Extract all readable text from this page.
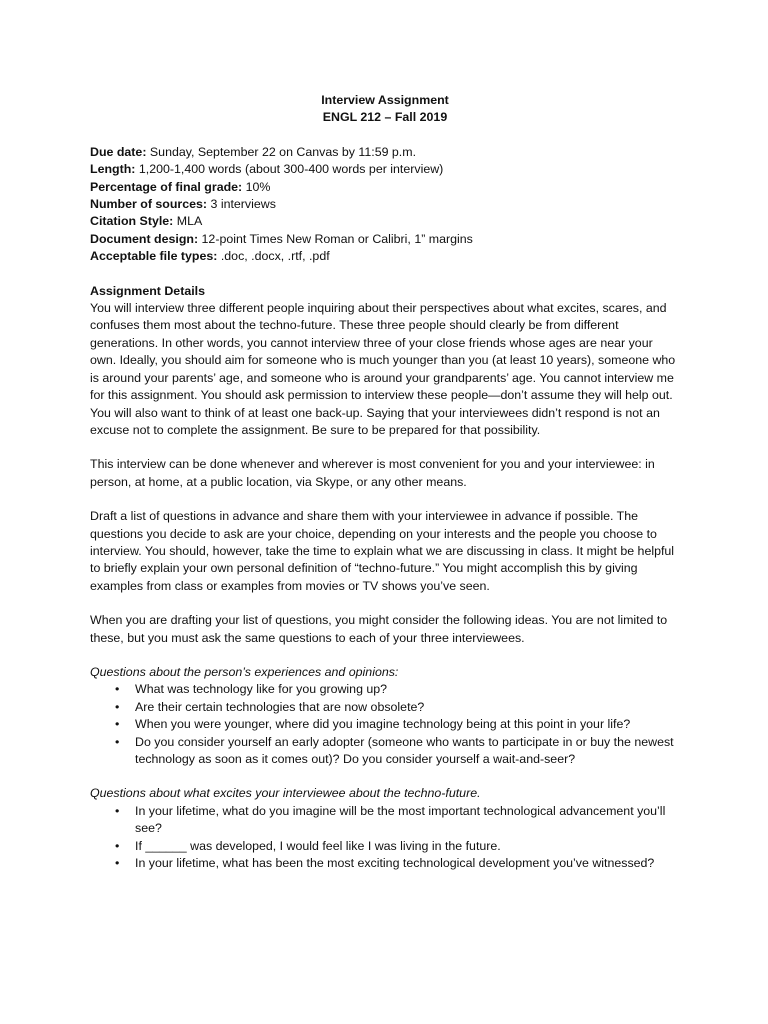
Interview Assignment
ENGL 212 – Fall 2019
Due date: Sunday, September 22 on Canvas by 11:59 p.m.
Length: 1,200-1,400 words (about 300-400 words per interview)
Percentage of final grade: 10%
Number of sources: 3 interviews
Citation Style: MLA
Document design: 12-point Times New Roman or Calibri, 1” margins
Acceptable file types: .doc, .docx, .rtf, .pdf
Assignment Details

You will interview three different people inquiring about their perspectives about what excites, scares, and confuses them most about the techno-future. These three people should clearly be from different generations. In other words, you cannot interview three of your close friends whose ages are near your own. Ideally, you should aim for someone who is much younger than you (at least 10 years), someone who is around your parents’ age, and someone who is around your grandparents’ age. You cannot interview me for this assignment. You should ask permission to interview these people—don’t assume they will help out. You will also want to think of at least one back-up. Saying that your interviewees didn’t respond is not an excuse not to complete the assignment. Be sure to be prepared for that possibility.

This interview can be done whenever and wherever is most convenient for you and your interviewee: in person, at home, at a public location, via Skype, or any other means.

Draft a list of questions in advance and share them with your interviewee in advance if possible. The questions you decide to ask are your choice, depending on your interests and the people you choose to interview. You should, however, take the time to explain what we are discussing in class. It might be helpful to briefly explain your own personal definition of “techno-future.” You might accomplish this by giving examples from class or examples from movies or TV shows you’ve seen.

When you are drafting your list of questions, you might consider the following ideas. You are not limited to these, but you must ask the same questions to each of your three interviewees.

Questions about the person’s experiences and opinions:
• What was technology like for you growing up?
• Are their certain technologies that are now obsolete?
• When you were younger, where did you imagine technology being at this point in your life?
• Do you consider yourself an early adopter (someone who wants to participate in or buy the newest technology as soon as it comes out)? Do you consider yourself a wait-and-seer?
Questions about what excites your interviewee about the techno-future.
• In your lifetime, what do you imagine will be the most important technological advancement you’ll see?
• If ______ was developed, I would feel like I was living in the future.
• In your lifetime, what has been the most exciting technological development you’ve witnessed?
